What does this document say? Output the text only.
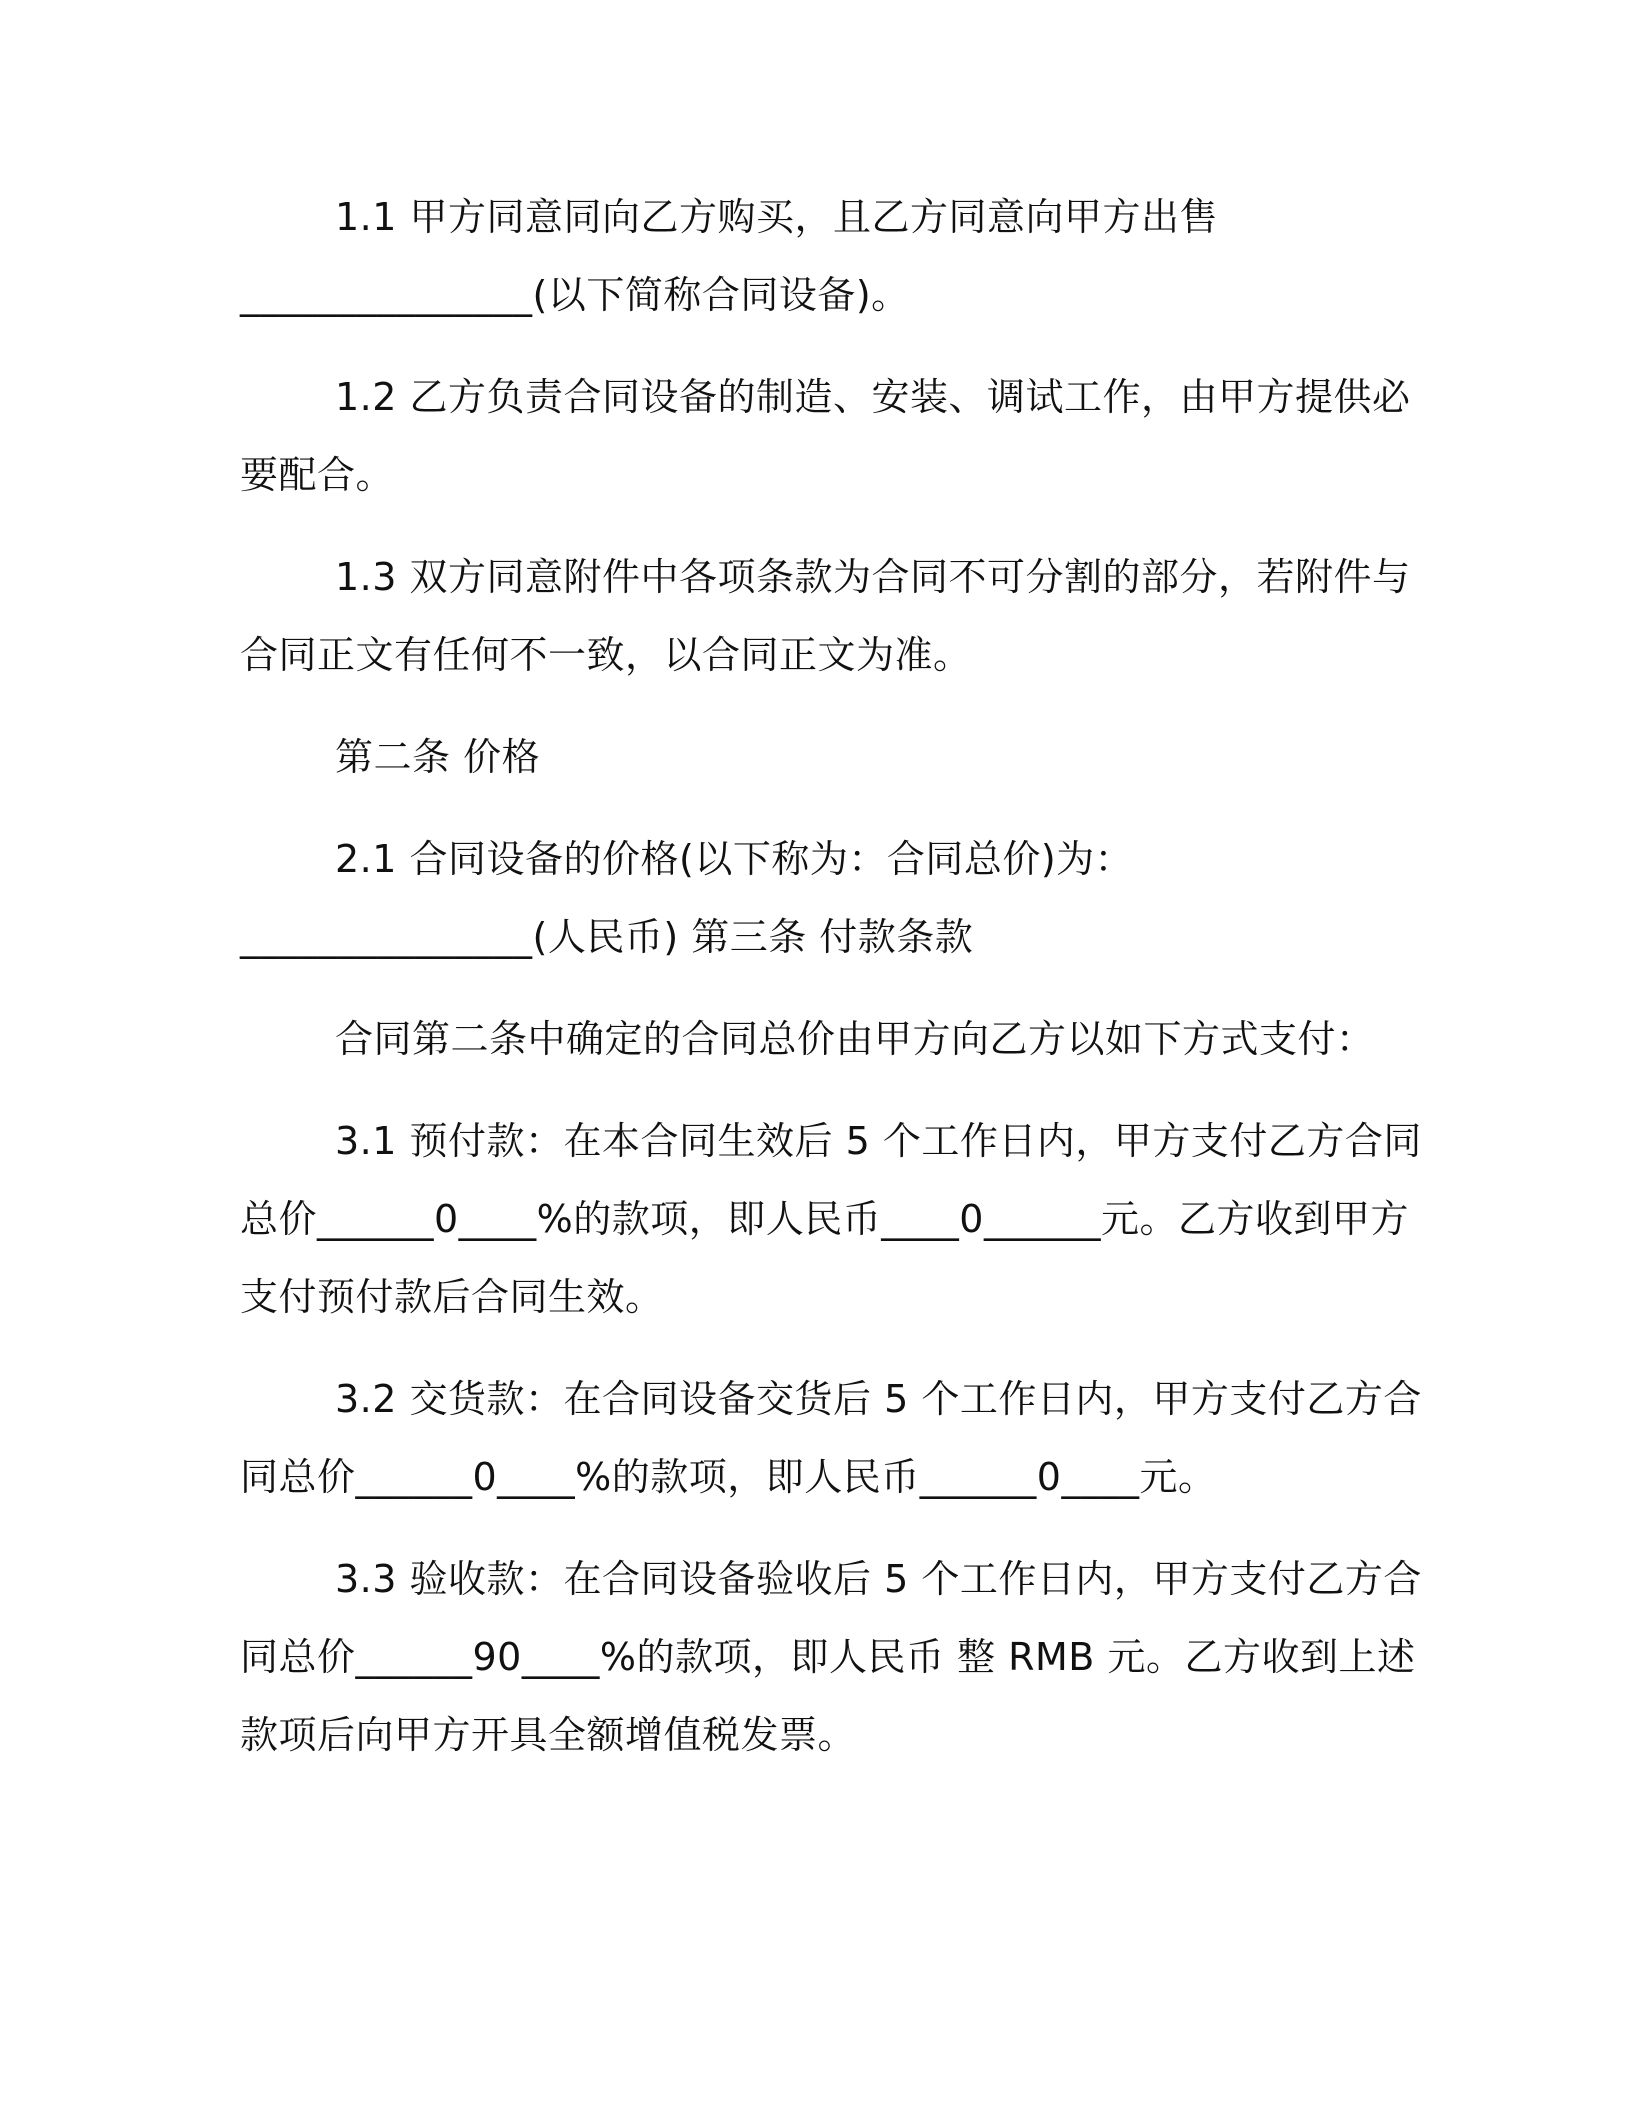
1.1 甲方同意同向乙方购买，且乙方同意向甲方出售
_______________(以下简称合同设备)。
1.2 乙方负责合同设备的制造、安装、调试工作，由甲方提供必
要配合。
1.3 双方同意附件中各项条款为合同不可分割的部分，若附件与
合同正文有任何不一致，以合同正文为准。
第二条 价格
2.1 合同设备的价格(以下称为：合同总价)为：
_______________(人民币) 第三条 付款条款
合同第二条中确定的合同总价由甲方向乙方以如下方式支付：
3.1 预付款：在本合同生效后 5 个工作日内，甲方支付乙方合同
总价______0____%的款项，即人民币____0______元。乙方收到甲方
支付预付款后合同生效。
3.2 交货款：在合同设备交货后 5 个工作日内，甲方支付乙方合
同总价______0____%的款项，即人民币______0____元。
3.3 验收款：在合同设备验收后 5 个工作日内，甲方支付乙方合
同总价______90____%的款项，即人民币 整 RMB 元。乙方收到上述
款项后向甲方开具全额增值税发票。
